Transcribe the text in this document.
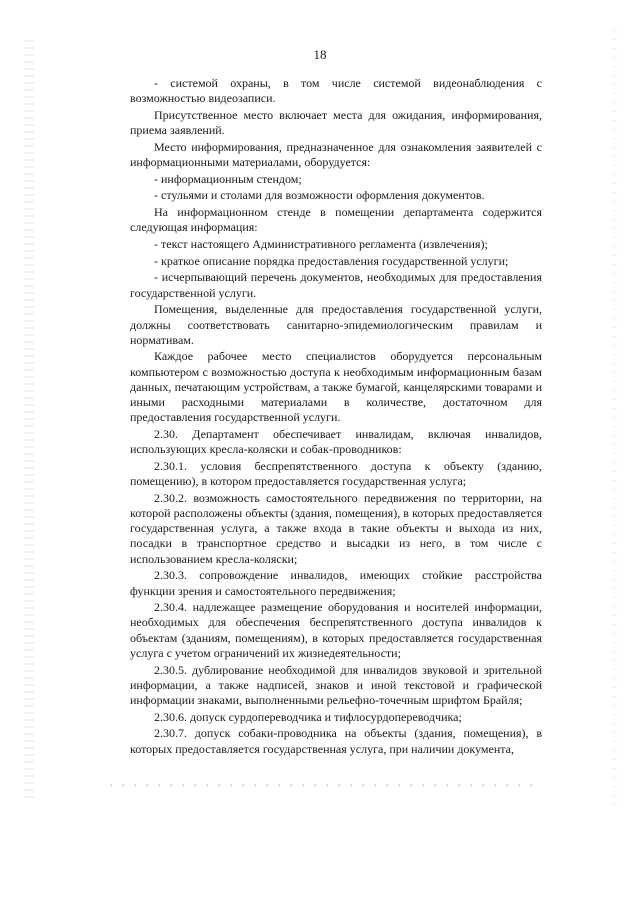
18

- системой охраны, в том числе системой видеонаблюдения с возможностью видеозаписи.

Присутственное место включает места для ожидания, информирования, приема заявлений.

Место информирования, предназначенное для ознакомления заявителей с информационными материалами, оборудуется:

- информационным стендом;

- стульями и столами для возможности оформления документов.

На информационном стенде в помещении департамента содержится следующая информация:

- текст настоящего Административного регламента (извлечения);

- краткое описание порядка предоставления государственной услуги;

- исчерпывающий перечень документов, необходимых для предоставления государственной услуги.

Помещения, выделенные для предоставления государственной услуги, должны соответствовать санитарно-эпидемиологическим правилам и нормативам.

Каждое рабочее место специалистов оборудуется персональным компьютером с возможностью доступа к необходимым информационным базам данных, печатающим устройствам, а также бумагой, канцелярскими товарами и иными расходными материалами в количестве, достаточном для предоставления государственной услуги.

2.30. Департамент обеспечивает инвалидам, включая инвалидов, использующих кресла-коляски и собак-проводников:

2.30.1. условия беспрепятственного доступа к объекту (зданию, помещению), в котором предоставляется государственная услуга;

2.30.2. возможность самостоятельного передвижения по территории, на которой расположены объекты (здания, помещения), в которых предоставляется государственная услуга, а также входа в такие объекты и выхода из них, посадки в транспортное средство и высадки из него, в том числе с использованием кресла-коляски;

2.30.3. сопровождение инвалидов, имеющих стойкие расстройства функции зрения и самостоятельного передвижения;

2.30.4. надлежащее размещение оборудования и носителей информации, необходимых для обеспечения беспрепятственного доступа инвалидов к объектам (зданиям, помещениям), в которых предоставляется государственная услуга с учетом ограничений их жизнедеятельности;

2.30.5. дублирование необходимой для инвалидов звуковой и зрительной информации, а также надписей, знаков и иной текстовой и графической информации знаками, выполненными рельефно-точечным шрифтом Брайля;

2.30.6. допуск сурдопереводчика и тифлосурдопереводчика;

2.30.7. допуск собаки-проводника на объекты (здания, помещения), в которых предоставляется государственная услуга, при наличии документа,
